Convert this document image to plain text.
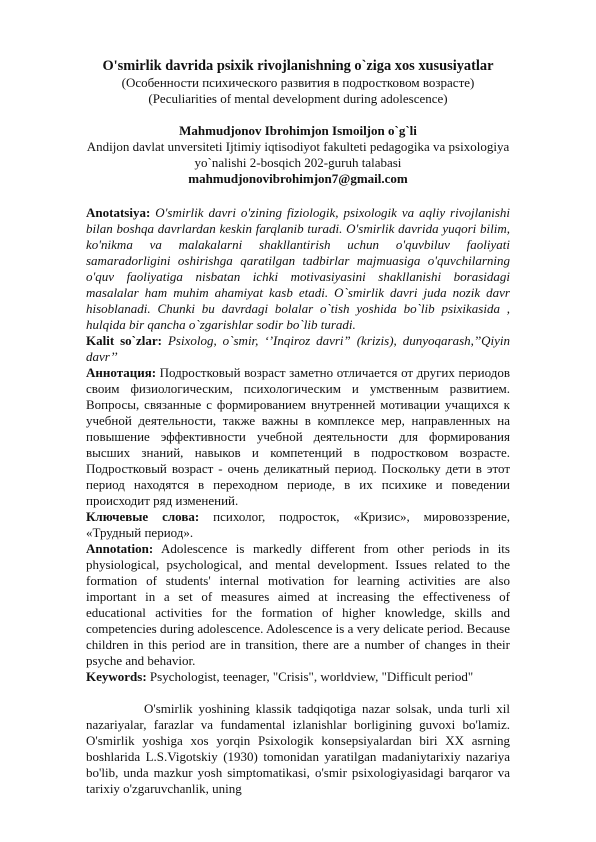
O'smirlik davrida psixik rivojlanishning o`ziga xos xususiyatlar

(Особенности психического развития в подростковом возрасте)

(Peculiarities of mental development during adolescence)

Mahmudjonov Ibrohimjon Ismoiljon o`g`li
Andijon davlat unversiteti Ijtimiy iqtisodiyot fakulteti pedagogika va psixologiya
yo`nalishi 2-bosqich 202-guruh talabasi
mahmudjonovibrohimjon7@gmail.com

Anotatsiya: O'smirlik davri o'zining fiziologik, psixologik va aqliy rivojlanishi bilan boshqa davrlardan keskin farqlanib turadi. O'smirlik davrida yuqori bilim, ko'nikma va malakalarni shakllantirish uchun o'quvbiluv faoliyati samaradorligini oshirishga qaratilgan tadbirlar majmuasiga o'quvchilarning o'quv faoliyatiga nisbatan ichki motivasiyasini shakllanishi borasidagi masalalar ham muhim ahamiyat kasb etadi. O`smirlik davri juda nozik davr hisoblanadi. Chunki bu davrdagi bolalar o`tish yoshida bo`lib psixikasida , hulqida bir qancha o`zgarishlar sodir bo`lib turadi.

Kalit so`zlar: Psixolog, o`smir, ‘’Inqiroz davri” (krizis), dunyoqarash,’’Qiyin davr’’

Аннотация: Подростковый возраст заметно отличается от других периодов своим физиологическим, психологическим и умственным развитием. Вопросы, связанные с формированием внутренней мотивации учащихся к учебной деятельности, также важны в комплексе мер, направленных на повышение эффективности учебной деятельности для формирования высших знаний, навыков и компетенций в подростковом возрасте. Подростковый возраст - очень деликатный период. Поскольку дети в этот период находятся в переходном периоде, в их психике и поведении происходит ряд изменений.

Ключевые слова: психолог, подросток, «Кризис», мировоззрение, «Трудный период».

Annotation: Adolescence is markedly different from other periods in its physiological, psychological, and mental development. Issues related to the formation of students' internal motivation for learning activities are also important in a set of measures aimed at increasing the effectiveness of educational activities for the formation of higher knowledge, skills and competencies during adolescence. Adolescence is a very delicate period. Because children in this period are in transition, there are a number of changes in their psyche and behavior.

Keywords: Psychologist, teenager, "Crisis", worldview, "Difficult period"

O'smirlik yoshining klassik tadqiqotiga nazar solsak, unda turli xil nazariyalar, farazlar va fundamental izlanishlar borligining guvoxi bo'lamiz. O'smirlik yoshiga xos yorqin Psixologik konsepsiyalardan biri XX asrning boshlarida L.S.Vigotskiy (1930) tomonidan yaratilgan madaniytarixiy nazariya bo'lib, unda mazkur yosh simptomatikasi, o'smir psixologiyasidagi barqaror va tarixiy o'zgaruvchanlik, uning
